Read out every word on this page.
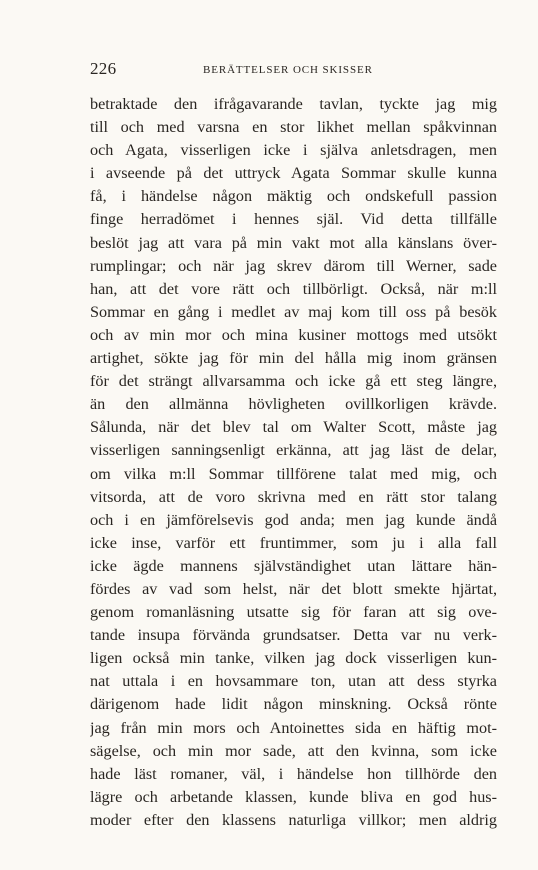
226	BERÄTTELSER OCH SKISSER
betraktade den ifrågavarande tavlan, tyckte jag mig
till och med varsna en stor likhet mellan spåkvinnan
och Agata, visserligen icke i själva anletsdragen, men
i avseende på det uttryck Agata Sommar skulle kunna
få, i händelse någon mäktig och ondskefull passion
finge herradömet i hennes själ. Vid detta tillfälle
beslöt jag att vara på min vakt mot alla känslans över-
rumplingar; och när jag skrev därom till Werner, sade
han, att det vore rätt och tillbörligt. Också, när m:ll
Sommar en gång i medlet av maj kom till oss på besök
och av min mor och mina kusiner mottogs med utsökt
artighet, sökte jag för min del hålla mig inom gränsen
för det strängt allvarsamma och icke gå ett steg längre,
än den allmänna hövligheten ovillkorligen krävde.
Sålunda, när det blev tal om Walter Scott, måste jag
visserligen sanningsenligt erkänna, att jag läst de delar,
om vilka m:ll Sommar tillförene talat med mig, och
vitsorda, att de voro skrivna med en rätt stor talang
och i en jämförelsevis god anda; men jag kunde ändå
icke inse, varför ett fruntimmer, som ju i alla fall
icke ägde mannens självständighet utan lättare hän-
fördes av vad som helst, när det blott smekte hjärtat,
genom romanläsning utsatte sig för faran att sig ove-
tande insupa förvända grundsatser. Detta var nu verk-
ligen också min tanke, vilken jag dock visserligen kun-
nat uttala i en hovsammare ton, utan att dess styrka
därigenom hade lidit någon minskning. Också rönte
jag från min mors och Antoinettes sida en häftig mot-
sägelse, och min mor sade, att den kvinna, som icke
hade läst romaner, väl, i händelse hon tillhörde den
lägre och arbetande klassen, kunde bliva en god hus-
moder efter den klassens naturliga villkor; men aldrig
